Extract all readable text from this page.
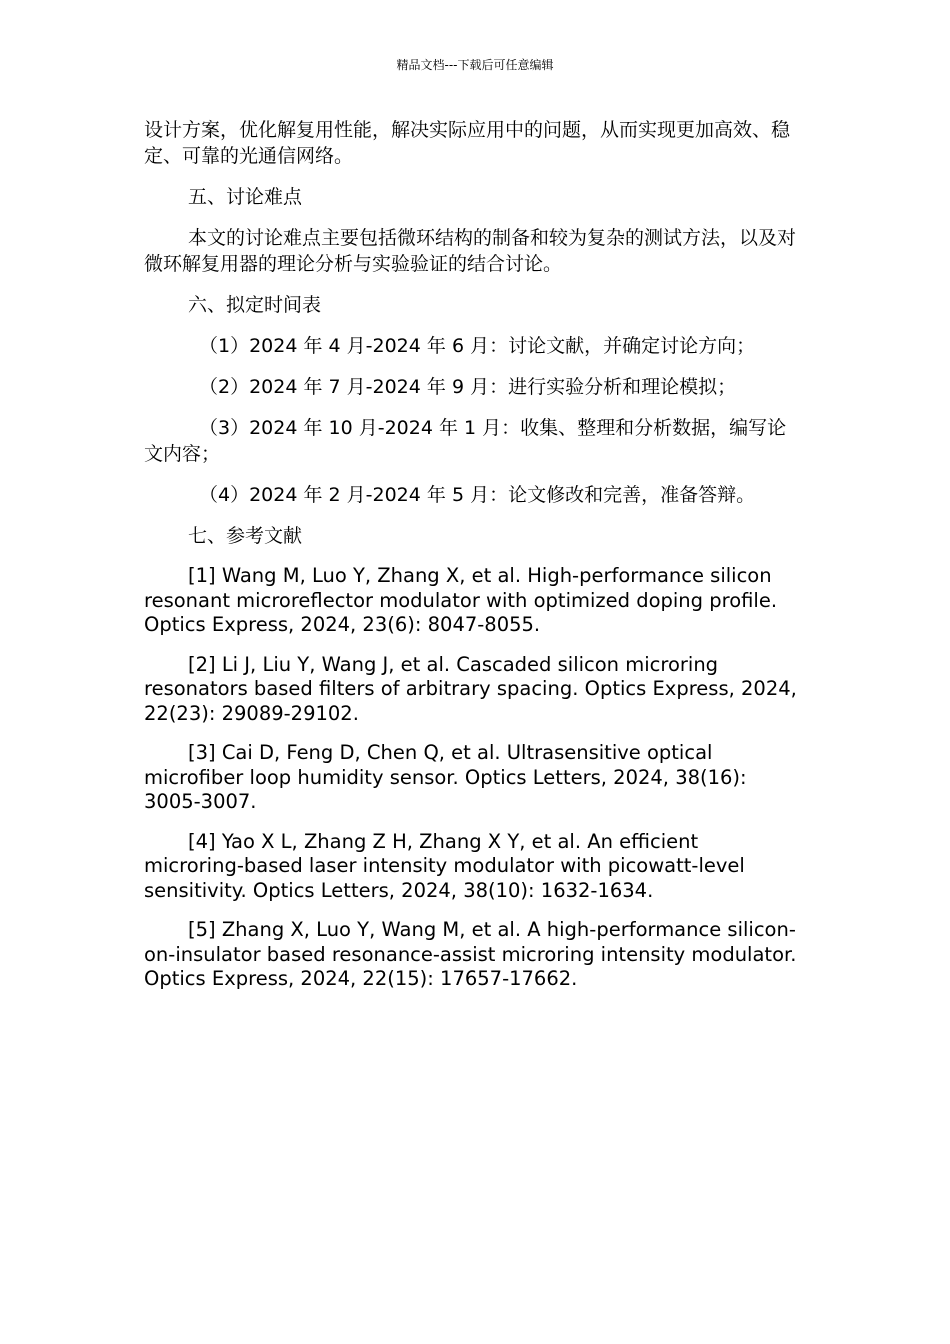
精品文档---下载后可任意编辑

设计方案，优化解复用性能，解决实际应用中的问题，从而实现更加高效、稳定、可靠的光通信网络。

五、讨论难点

本文的讨论难点主要包括微环结构的制备和较为复杂的测试方法，以及对微环解复用器的理论分析与实验验证的结合讨论。

六、拟定时间表

（1）2024 年 4 月-2024 年 6 月：讨论文献，并确定讨论方向；

（2）2024 年 7 月-2024 年 9 月：进行实验分析和理论模拟；

（3）2024 年 10 月-2024 年 1 月：收集、整理和分析数据，编写论文内容；

（4）2024 年 2 月-2024 年 5 月：论文修改和完善，准备答辩。

七、参考文献

[1] Wang M, Luo Y, Zhang X, et al. High-performance silicon resonant microreflector modulator with optimized doping profile. Optics Express, 2024, 23(6): 8047-8055.

[2] Li J, Liu Y, Wang J, et al. Cascaded silicon microring resonators based filters of arbitrary spacing. Optics Express, 2024, 22(23): 29089-29102.

[3] Cai D, Feng D, Chen Q, et al. Ultrasensitive optical microfiber loop humidity sensor. Optics Letters, 2024, 38(16): 3005-3007.

[4] Yao X L, Zhang Z H, Zhang X Y, et al. An efficient microring-based laser intensity modulator with picowatt-level sensitivity. Optics Letters, 2024, 38(10): 1632-1634.

[5] Zhang X, Luo Y, Wang M, et al. A high-performance silicon-on-insulator based resonance-assist microring intensity modulator. Optics Express, 2024, 22(15): 17657-17662.
